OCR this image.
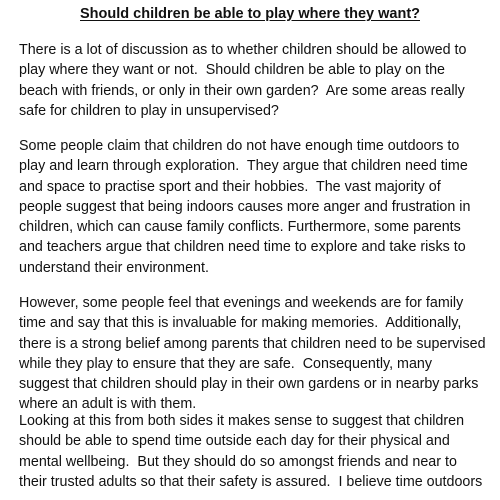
Should children be able to play where they want?

There is a lot of discussion as to whether children should be allowed to
play where they want or not.  Should children be able to play on the
beach with friends, or only in their own garden?  Are some areas really
safe for children to play in unsupervised?

Some people claim that children do not have enough time outdoors to
play and learn through exploration.  They argue that children need time
and space to practise sport and their hobbies.  The vast majority of
people suggest that being indoors causes more anger and frustration in
children, which can cause family conflicts. Furthermore, some parents
and teachers argue that children need time to explore and take risks to
understand their environment.

However, some people feel that evenings and weekends are for family
time and say that this is invaluable for making memories.  Additionally,
there is a strong belief among parents that children need to be supervised
while they play to ensure that they are safe.  Consequently, many
suggest that children should play in their own gardens or in nearby parks
where an adult is with them.

Looking at this from both sides it makes sense to suggest that children
should be able to spend time outside each day for their physical and
mental wellbeing.  But they should do so amongst friends and near to
their trusted adults so that their safety is assured.  I believe time outdoors
